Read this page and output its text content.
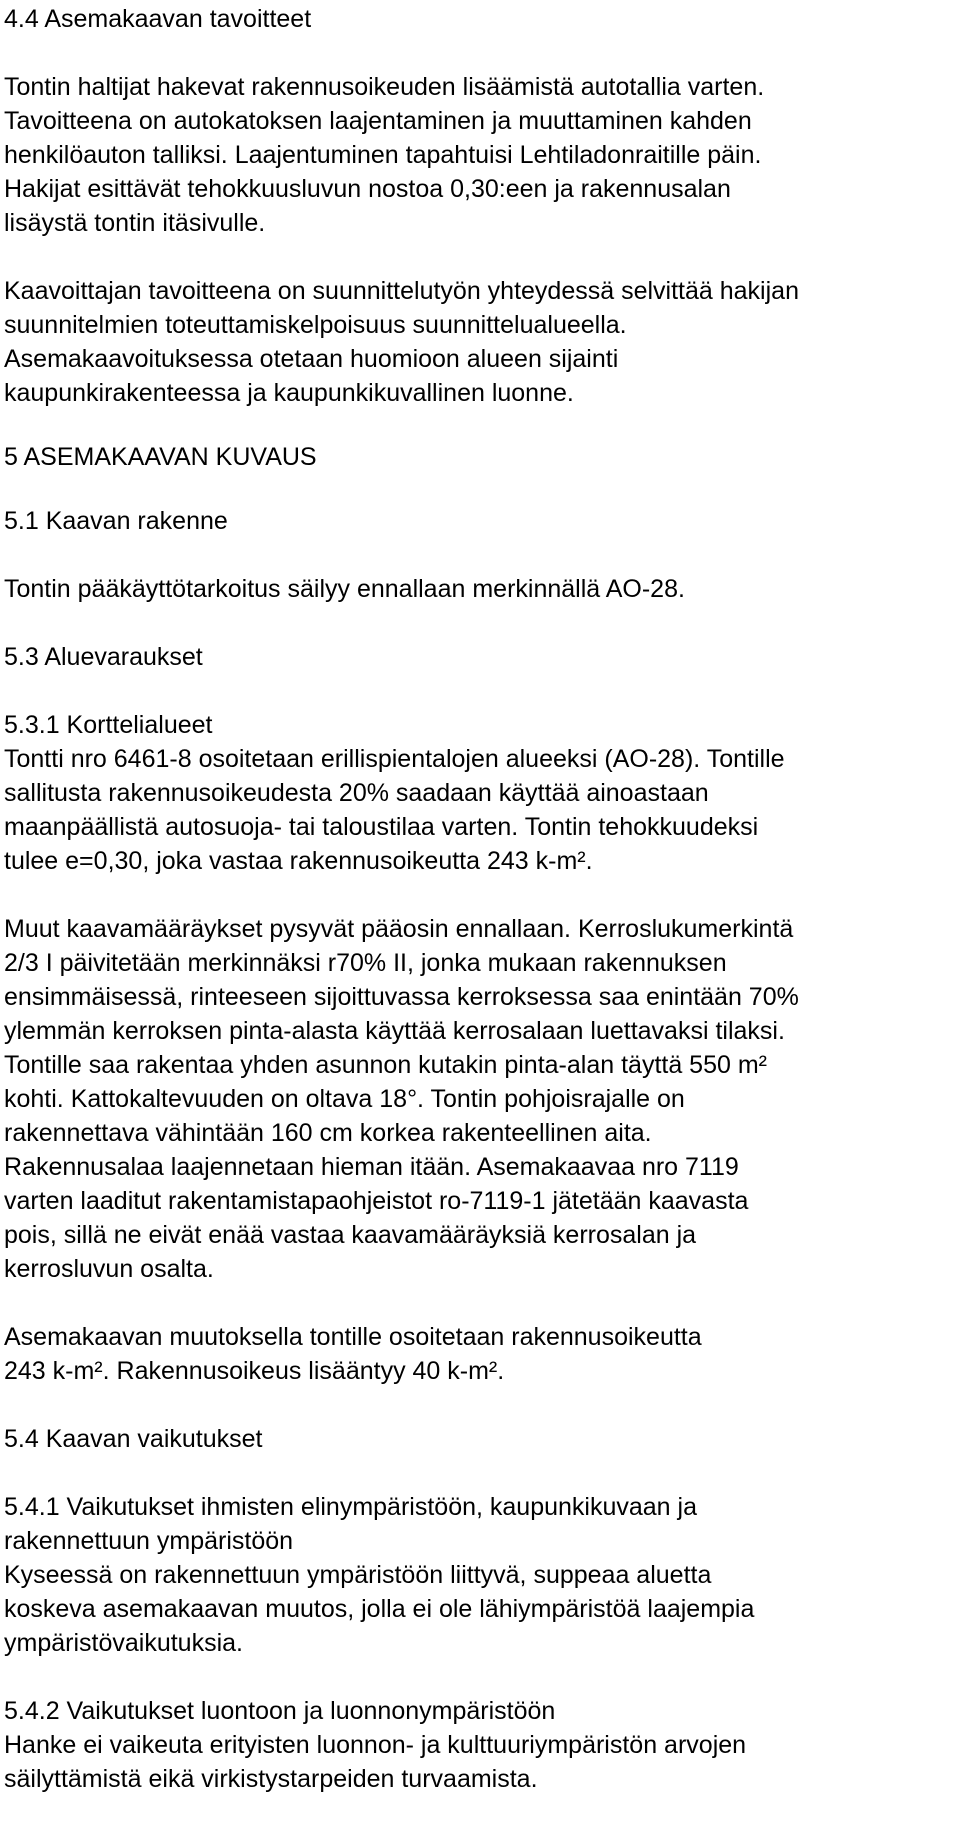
4.4 Asemakaavan tavoitteet

Tontin haltijat hakevat rakennusoikeuden lisäämistä autotallia varten.
Tavoitteena on autokatoksen laajentaminen ja muuttaminen kahden
henkilöauton talliksi. Laajentuminen tapahtuisi Lehtiladonraitille päin.
Hakijat esittävät tehokkuusluvun nostoa 0,30:een ja rakennusalan
lisäystä tontin itäsivulle.

Kaavoittajan tavoitteena on suunnittelutyön yhteydessä selvittää hakijan
suunnitelmien toteuttamiskelpoisuus suunnittelualueella.
Asemakaavoituksessa otetaan huomioon alueen sijainti
kaupunkirakenteessa ja kaupunkikuvallinen luonne.

5 ASEMAKAAVAN KUVAUS

5.1 Kaavan rakenne

Tontin pääkäyttötarkoitus säilyy ennallaan merkinnällä AO-28.

5.3 Aluevaraukset

5.3.1 Korttelialueet

Tontti nro 6461-8 osoitetaan erillispientalojen alueeksi (AO-28). Tontille
sallitusta rakennusoikeudesta 20% saadaan käyttää ainoastaan
maanpäällistä autosuoja- tai taloustilaa varten. Tontin tehokkuudeksi
tulee e=0,30, joka vastaa rakennusoikeutta 243 k-m².

Muut kaavamääräykset pysyvät pääosin ennallaan. Kerroslukumerkintä
2/3 I päivitetään merkinnäksi r70% II, jonka mukaan rakennuksen
ensimmäisessä, rinteeseen sijoittuvassa kerroksessa saa enintään 70%
ylemmän kerroksen pinta-alasta käyttää kerrosalaan luettavaksi tilaksi.
Tontille saa rakentaa yhden asunnon kutakin pinta-alan täyttä 550 m²
kohti. Kattokaltevuuden on oltava 18°. Tontin pohjoisrajalle on
rakennettava vähintään 160 cm korkea rakenteellinen aita.
Rakennusalaa laajennetaan hieman itään. Asemakaavaa nro 7119
varten laaditut rakentamistapaohjeistot ro-7119-1 jätetään kaavasta
pois, sillä ne eivät enää vastaa kaavamääräyksiä kerrosalan ja
kerrosluvun osalta.

Asemakaavan muutoksella tontille osoitetaan rakennusoikeutta
243 k-m². Rakennusoikeus lisääntyy 40 k-m².

5.4 Kaavan vaikutukset

5.4.1 Vaikutukset ihmisten elinympäristöön, kaupunkikuvaan ja
rakennettuun ympäristöön

Kyseessä on rakennettuun ympäristöön liittyvä, suppeaa aluetta
koskeva asemakaavan muutos, jolla ei ole lähiympäristöä laajempia
ympäristövaikutuksia.

5.4.2 Vaikutukset luontoon ja luonnonympäristöön

Hanke ei vaikeuta erityisten luonnon- ja kulttuuriympäristön arvojen
säilyttämistä eikä virkistystarpeiden turvaamista.
